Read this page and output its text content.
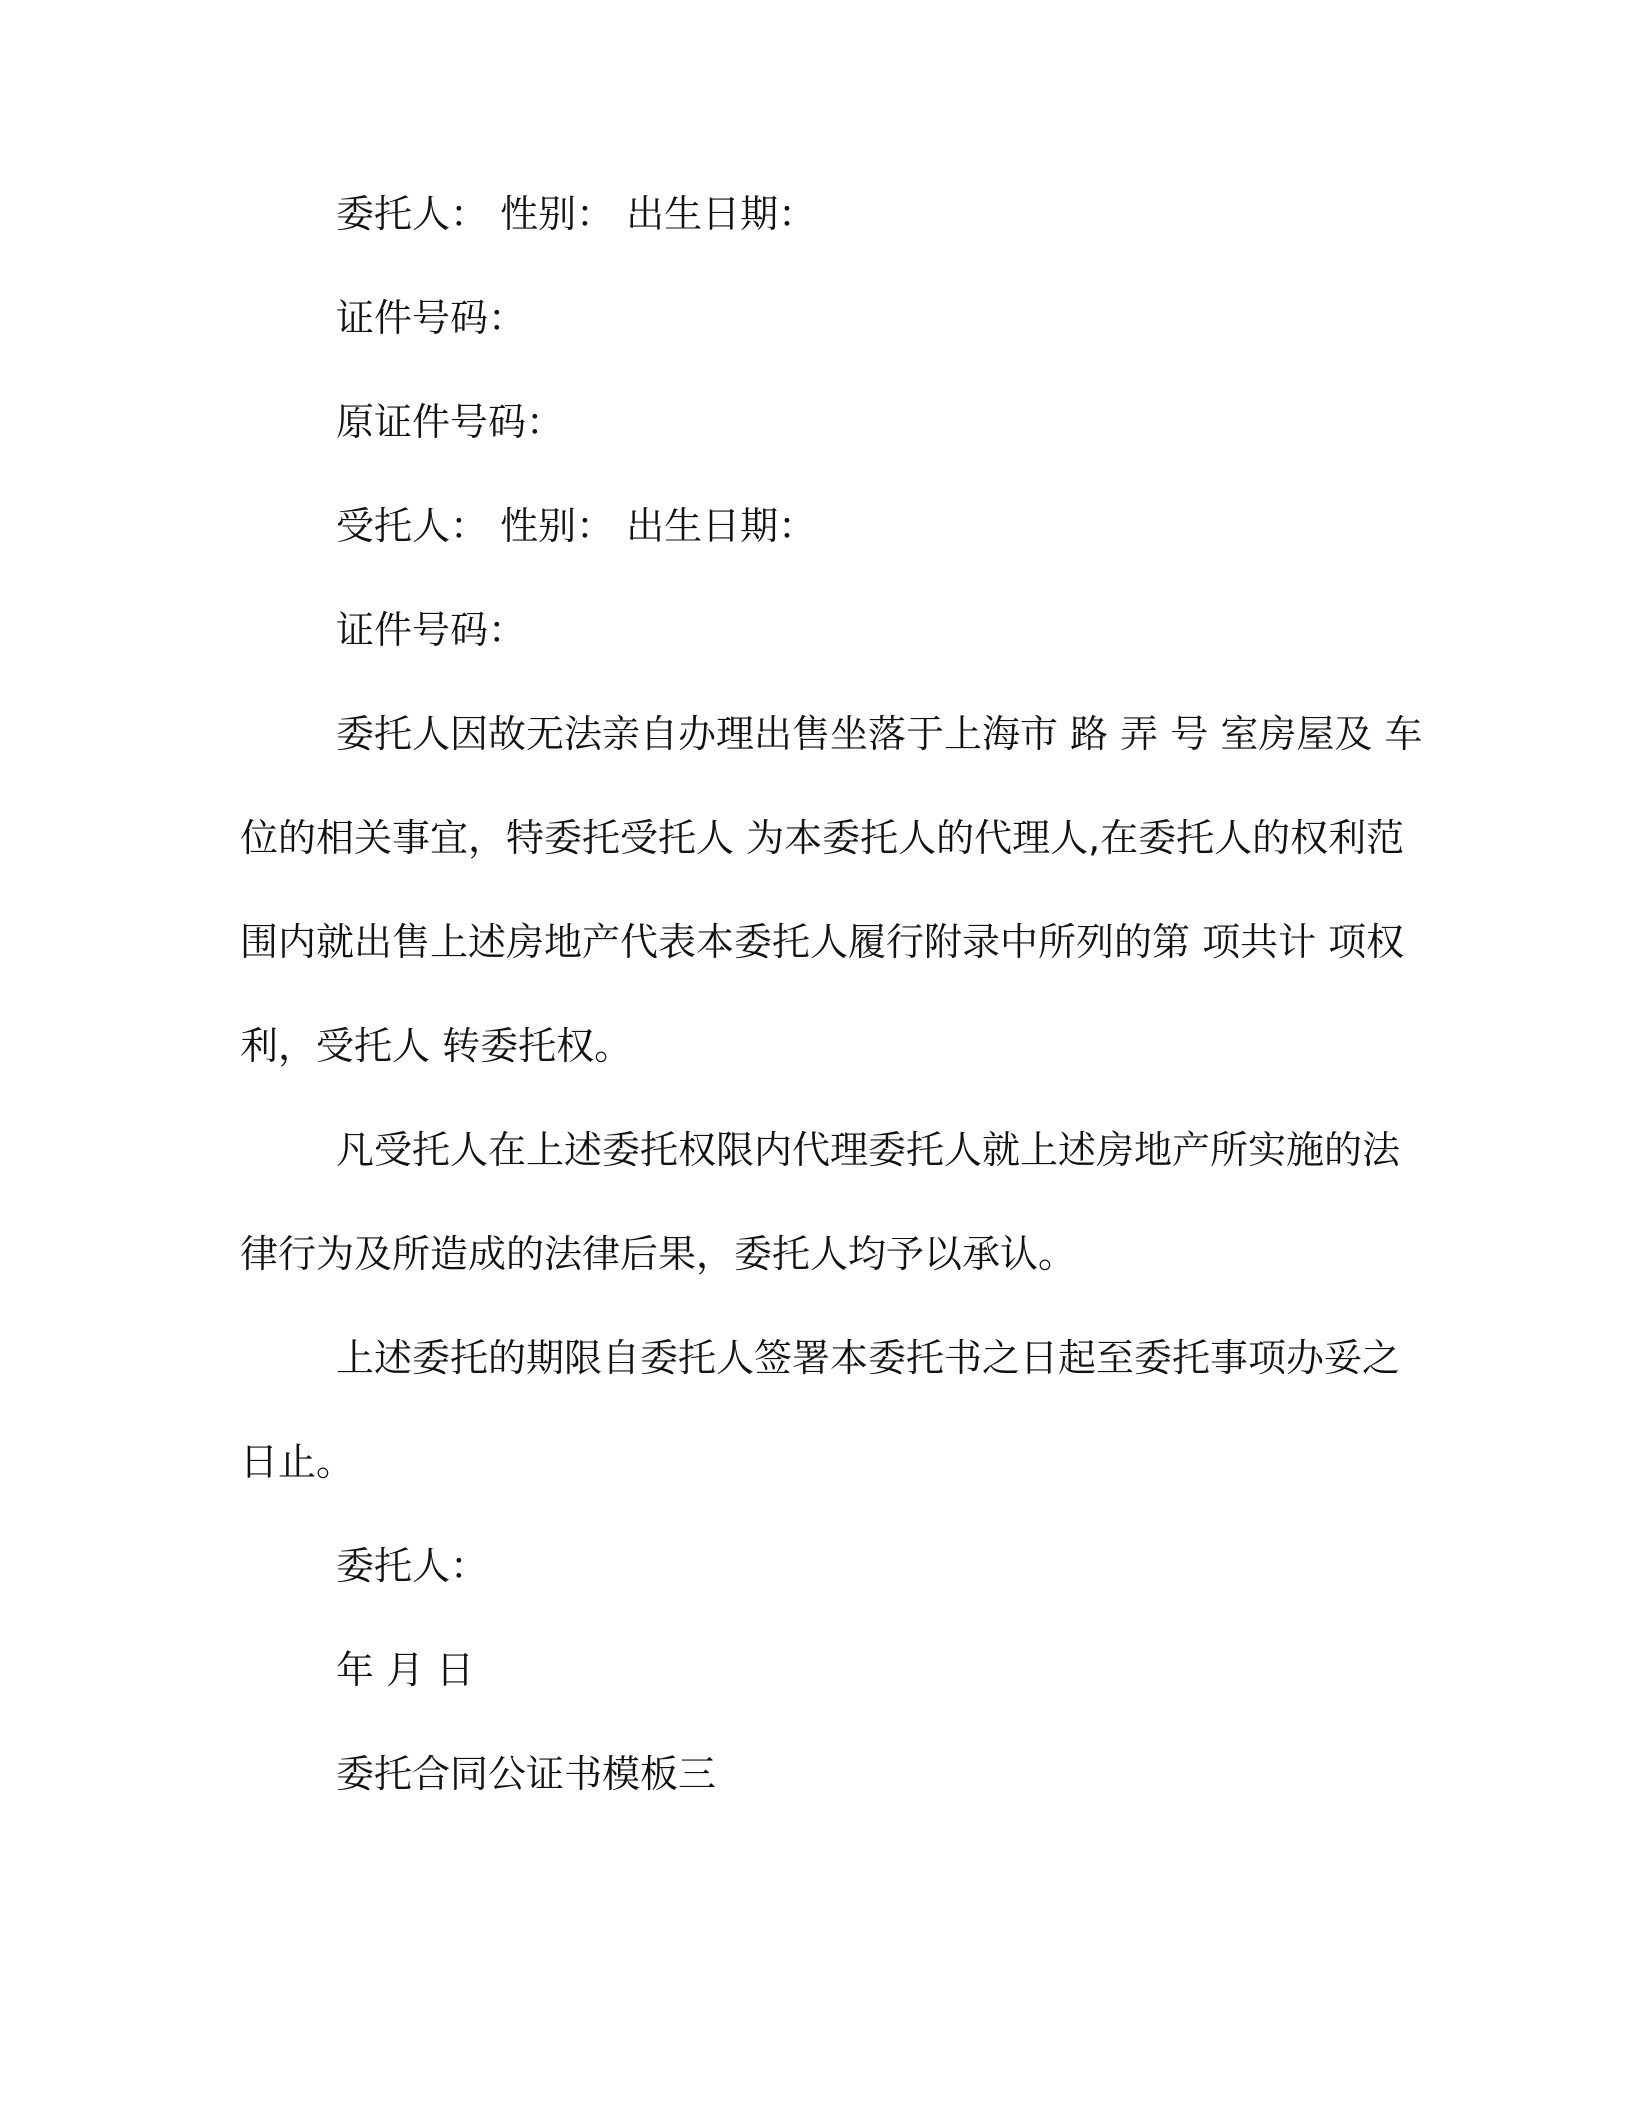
委托人： 性别： 出生日期：

证件号码：

原证件号码：

受托人： 性别： 出生日期：

证件号码：

委托人因故无法亲自办理出售坐落于上海市 路 弄 号 室房屋及 车

位的相关事宜，特委托受托人 为本委托人的代理人,在委托人的权利范

围内就出售上述房地产代表本委托人履行附录中所列的第 项共计 项权

利，受托人 转委托权。

凡受托人在上述委托权限内代理委托人就上述房地产所实施的法

律行为及所造成的法律后果，委托人均予以承认。

上述委托的期限自委托人签署本委托书之日起至委托事项办妥之

日止。

委托人：

年 月 日

委托合同公证书模板三
